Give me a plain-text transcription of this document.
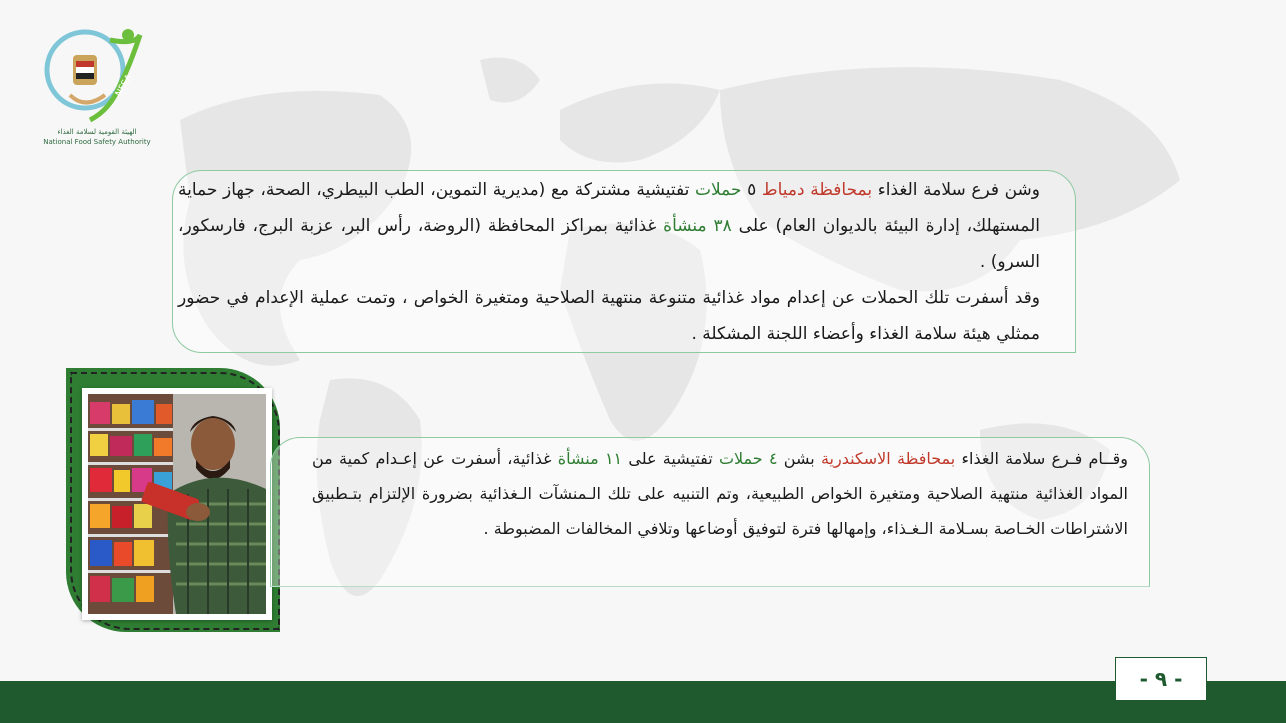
NFSA
الهيئة القومية لسلامة الغذاء
National Food Safety Authority
وشن فرع سلامة الغذاء بمحافظة دمياط ٥ حملات تفتيشية مشتركة مع (مديرية التموين، الطب البيطري، الصحة، جهاز حماية المستهلك، إدارة البيئة بالديوان العام) على ٣٨ منشأة غذائية بمراكز المحافظة (الروضة، رأس البر، عزبة البرج، فارسكور، السرو) .
وقد أسفرت تلك الحملات عن إعدام مواد غذائية متنوعة منتهية الصلاحية ومتغيرة الخواص ، وتمت عملية الإعدام في حضور ممثلي هيئة سلامة الغذاء وأعضاء اللجنة المشكلة .
وقــام فـرع سلامة الغذاء بمحافظة الاسكندرية بشن ٤ حملات تفتيشية على ١١ منشأة غذائية، أسفرت عن إعـدام كمية من المواد الغذائية منتهية الصلاحية ومتغيرة الخواص الطبيعية، وتم التنبيه على تلك الـمنشآت الـغذائية بضرورة الإلتزام بتـطبيق الاشتراطات الخـاصة بسـلامة الـغـذاء، وإمهالها فترة لتوفيق أوضاعها وتلافي المخالفات المضبوطة .
- ٩ -
